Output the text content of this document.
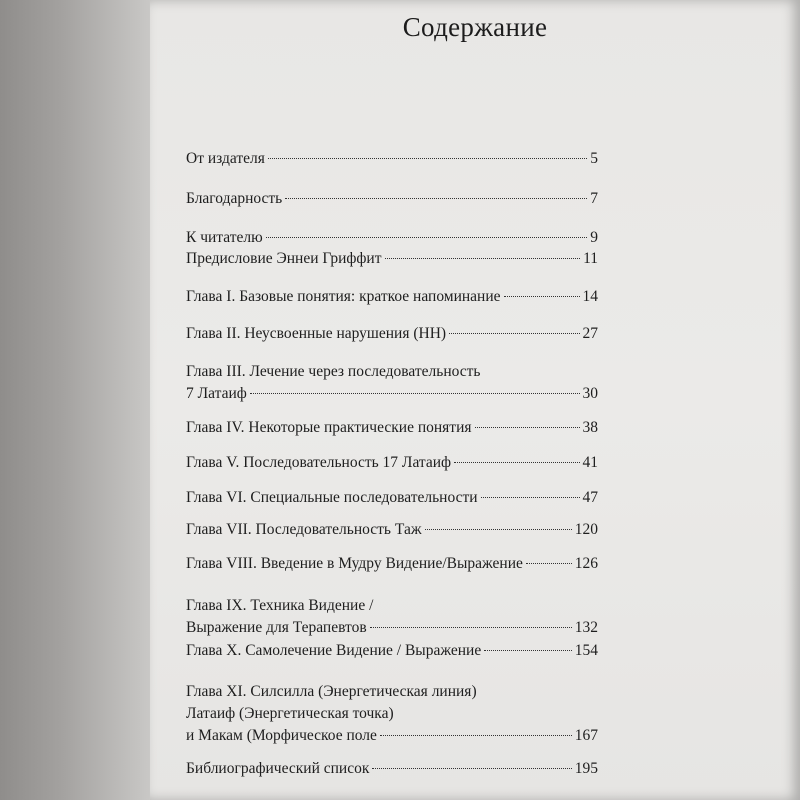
Содержание
От издателя	5
Благодарность	7
К читателю	9
Предисловие Эннеи Гриффит	11
Глава I. Базовые понятия: краткое напоминание	14
Глава II. Неусвоенные нарушения (НН)	27
Глава III. Лечение через последовательность
7 Латаиф	30
Глава IV. Некоторые практические понятия	38
Глава V. Последовательность 17 Латаиф	41
Глава VI. Специальные последовательности	47
Глава VII. Последовательность Таж	120
Глава VIII. Введение в Мудру Видение/Выражение	126
Глава IX. Техника Видение /
Выражение для Терапевтов	132
Глава X. Самолечение Видение / Выражение	154
Глава XI. Силсилла (Энергетическая линия)
Латаиф (Энергетическая точка)
и Макам (Морфическое поле	167
Библиографический список	195
